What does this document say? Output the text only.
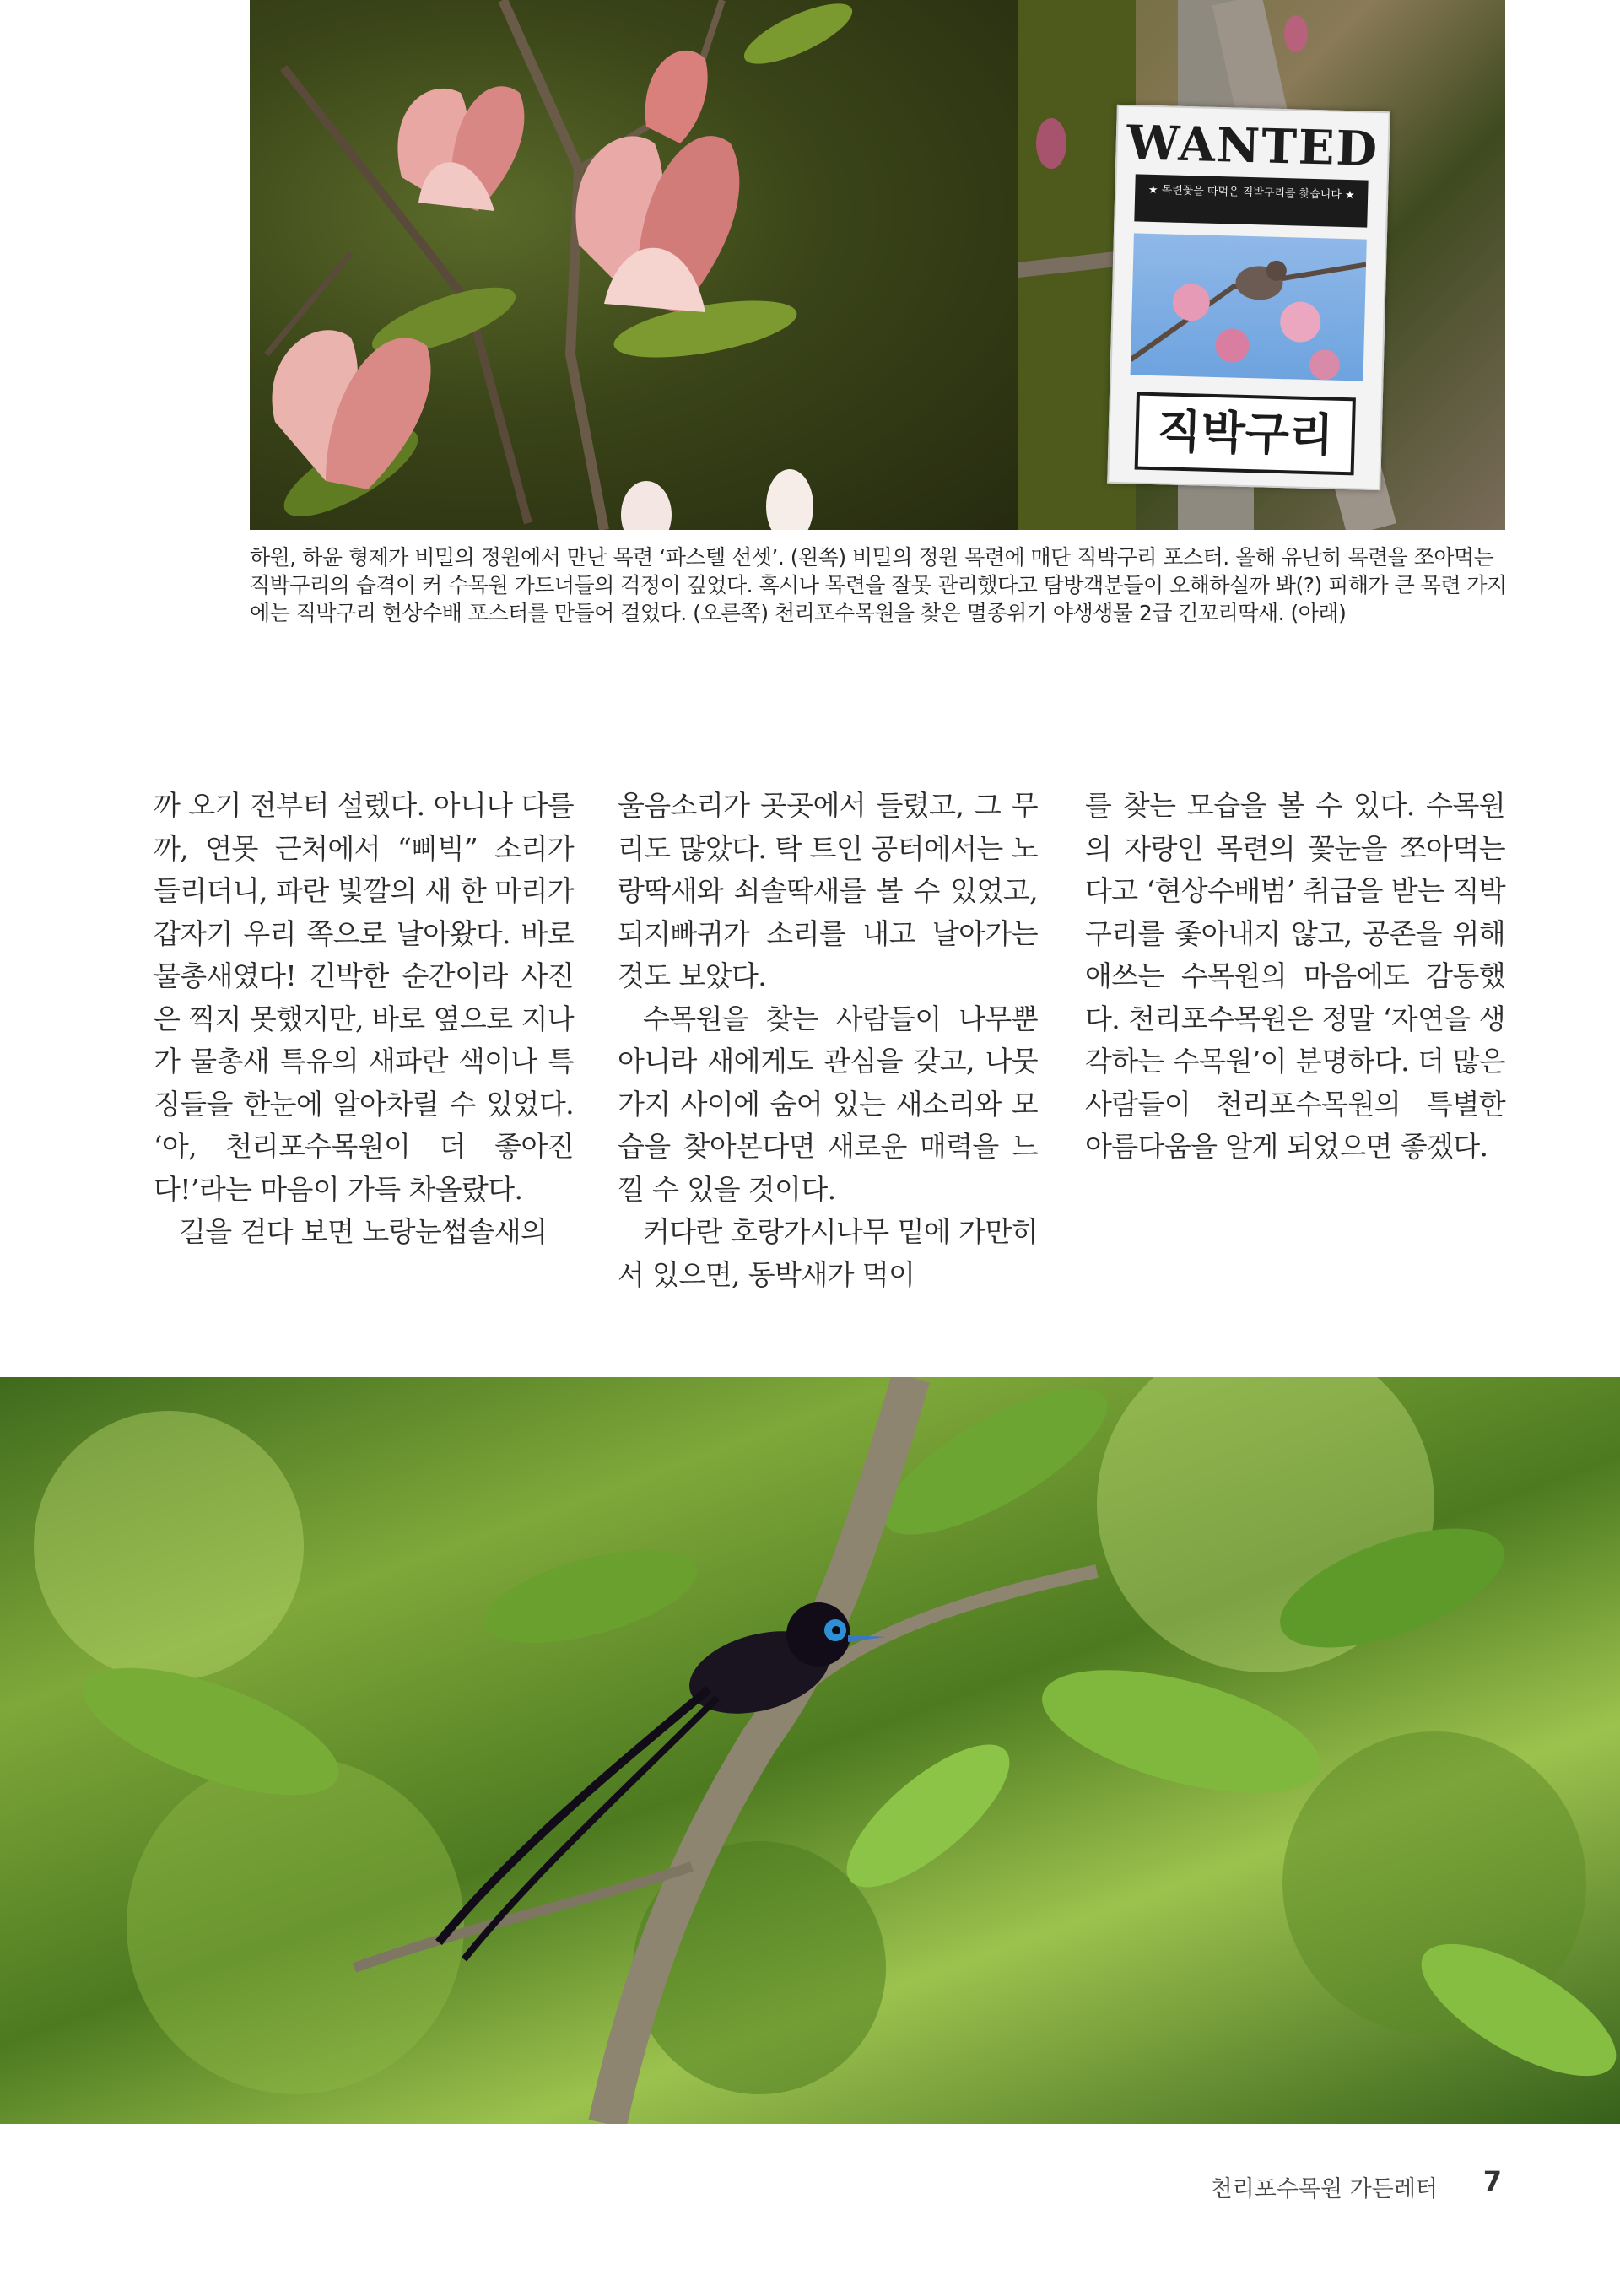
WANTED
★ 목련꽃을 따먹은 직박구리를 찾습니다 ★
직박구리
하원, 하윤 형제가 비밀의 정원에서 만난 목련 ‘파스텔 선셋’. (왼쪽) 비밀의 정원 목련에 매단 직박구리 포스터. 올해 유난히 목련을 쪼아먹는 직박구리의 습격이 커 수목원 가드너들의 걱정이 깊었다. 혹시나 목련을 잘못 관리했다고 탐방객분들이 오해하실까 봐(?) 피해가 큰 목련 가지에는 직박구리 현상수배 포스터를 만들어 걸었다. (오른쪽) 천리포수목원을 찾은 멸종위기 야생생물 2급 긴꼬리딱새. (아래)

까 오기 전부터 설렜다. 아니나 다를까, 연못 근처에서 “삐빅” 소리가 들리더니, 파란 빛깔의 새 한 마리가 갑자기 우리 쪽으로 날아왔다. 바로 물총새였다! 긴박한 순간이라 사진은 찍지 못했지만, 바로 옆으로 지나가 물총새 특유의 새파란 색이나 특징들을 한눈에 알아차릴 수 있었다. ‘아, 천리포수목원이 더 좋아진다!’라는 마음이 가득 차올랐다.

길을 걷다 보면 노랑눈썹솔새의

울음소리가 곳곳에서 들렸고, 그 무리도 많았다. 탁 트인 공터에서는 노랑딱새와 쇠솔딱새를 볼 수 있었고, 되지빠귀가 소리를 내고 날아가는 것도 보았다.

수목원을 찾는 사람들이 나무뿐 아니라 새에게도 관심을 갖고, 나뭇가지 사이에 숨어 있는 새소리와 모습을 찾아본다면 새로운 매력을 느낄 수 있을 것이다.

커다란 호랑가시나무 밑에 가만히 서 있으면, 동박새가 먹이

를 찾는 모습을 볼 수 있다. 수목원의 자랑인 목련의 꽃눈을 쪼아먹는다고 ‘현상수배범’ 취급을 받는 직박구리를 좇아내지 않고, 공존을 위해 애쓰는 수목원의 마음에도 감동했다. 천리포수목원은 정말 ‘자연을 생각하는 수목원’이 분명하다. 더 많은 사람들이 천리포수목원의 특별한 아름다움을 알게 되었으면 좋겠다.

천리포수목원 가든레터	7
